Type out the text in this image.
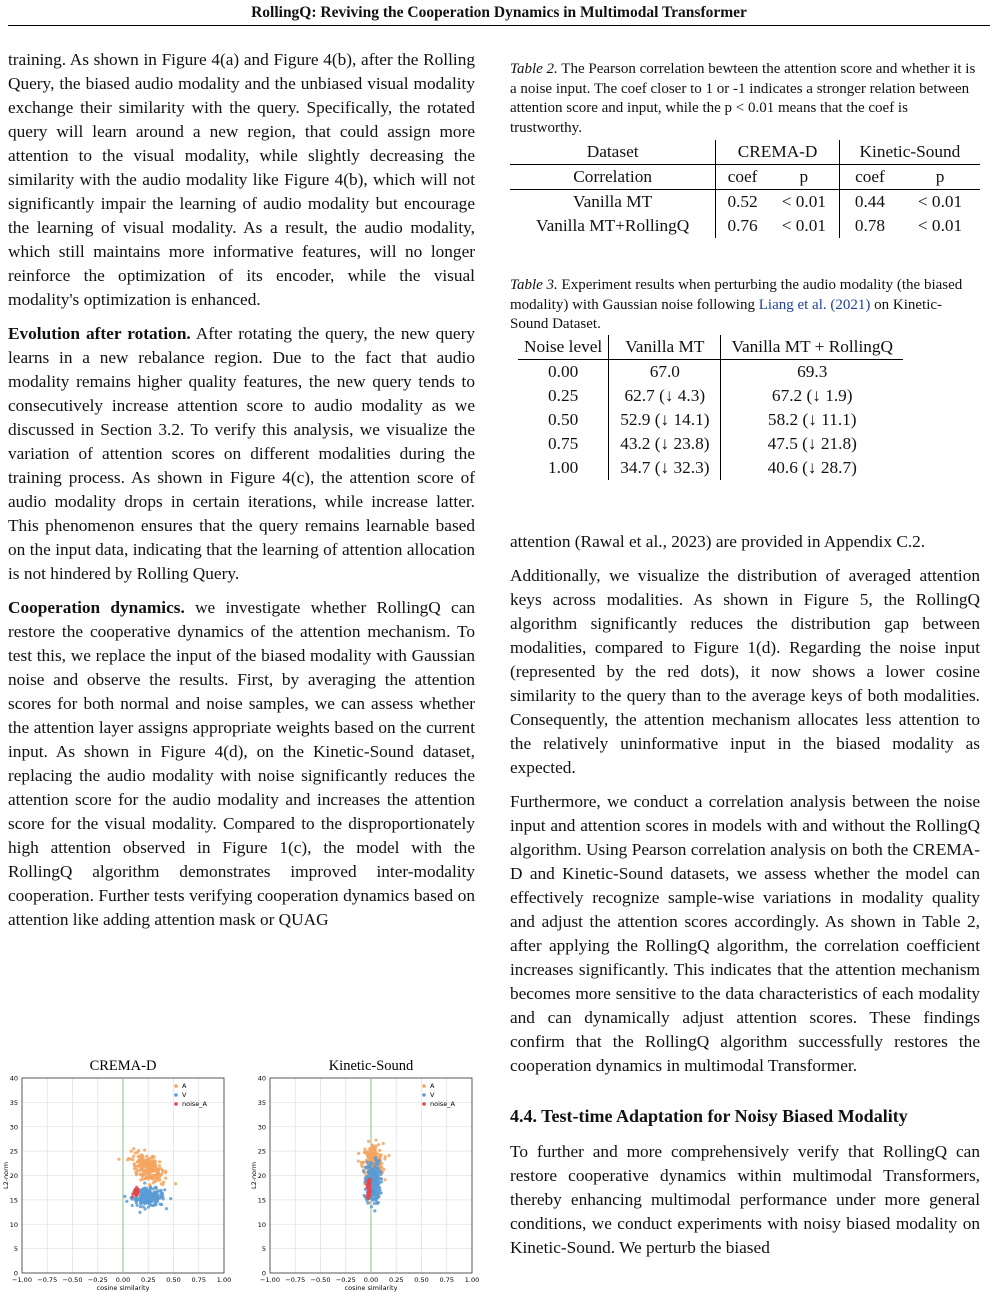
RollingQ: Reviving the Cooperation Dynamics in Multimodal Transformer

training. As shown in Figure 4(a) and Figure 4(b), after the Rolling Query, the biased audio modality and the unbiased visual modality exchange their similarity with the query. Specifically, the rotated query will learn around a new region, that could assign more attention to the visual modality, while slightly decreasing the similarity with the audio modality like Figure 4(b), which will not significantly impair the learning of audio modality but encourage the learning of visual modality. As a result, the audio modality, which still maintains more informative features, will no longer reinforce the optimization of its encoder, while the visual modality's optimization is enhanced.

Evolution after rotation. After rotating the query, the new query learns in a new rebalance region. Due to the fact that audio modality remains higher quality features, the new query tends to consecutively increase attention score to audio modality as we discussed in Section 3.2. To verify this analysis, we visualize the variation of attention scores on different modalities during the training process. As shown in Figure 4(c), the attention score of audio modality drops in certain iterations, while increase latter. This phenomenon ensures that the query remains learnable based on the input data, indicating that the learning of attention allocation is not hindered by Rolling Query.

Cooperation dynamics. we investigate whether RollingQ can restore the cooperative dynamics of the attention mechanism. To test this, we replace the input of the biased modality with Gaussian noise and observe the results. First, by averaging the attention scores for both normal and noise samples, we can assess whether the attention layer assigns appropriate weights based on the current input. As shown in Figure 4(d), on the Kinetic-Sound dataset, replacing the audio modality with noise significantly reduces the attention score for the audio modality and increases the attention score for the visual modality. Compared to the disproportionately high attention observed in Figure 1(c), the model with the RollingQ algorithm demonstrates improved inter-modality cooperation. Further tests verifying cooperation dynamics based on attention like adding attention mask or QUAG

CREMA-D
−1.00 −0.75 −0.50 −0.25 0.00 0.25 0.50 0.75 1.00
0
5
10
15
20
25
30
35
40
cosine similarity
L2-norm
A
V
noise_A
Kinetic-Sound
−1.00 −0.75 −0.50 −0.25 0.00 0.25 0.50 0.75 1.00
0
5
10
15
20
25
30
35
40
cosine similarity
L2-norm
A
V
noise_A
Table 2. The Pearson correlation bewteen the attention score and whether it is a noise input. The coef closer to 1 or -1 indicates a stronger relation between attention score and input, while the p < 0.01 means that the coef is trustworthy.
Dataset	CREMA-D		Kinetic-Sound	
Correlation	coef	p	coef	p
Vanilla MT	0.52	< 0.01	0.44	< 0.01
Vanilla MT+RollingQ	0.76	< 0.01	0.78	< 0.01
Table 3. Experiment results when perturbing the audio modality (the biased modality) with Gaussian noise following Liang et al. (2021) on Kinetic-Sound Dataset.
Noise level	Vanilla MT	Vanilla MT + RollingQ
0.00	67.0	69.3
0.25	62.7 (↓ 4.3)	67.2 (↓ 1.9)
0.50	52.9 (↓ 14.1)	58.2 (↓ 11.1)
0.75	43.2 (↓ 23.8)	47.5 (↓ 21.8)
1.00	34.7 (↓ 32.3)	40.6 (↓ 28.7)

attention (Rawal et al., 2023) are provided in Appendix C.2.

Additionally, we visualize the distribution of averaged attention keys across modalities. As shown in Figure 5, the RollingQ algorithm significantly reduces the distribution gap between modalities, compared to Figure 1(d). Regarding the noise input (represented by the red dots), it now shows a lower cosine similarity to the query than to the average keys of both modalities. Consequently, the attention mechanism allocates less attention to the relatively uninformative input in the biased modality as expected.

Furthermore, we conduct a correlation analysis between the noise input and attention scores in models with and without the RollingQ algorithm. Using Pearson correlation analysis on both the CREMA-D and Kinetic-Sound datasets, we assess whether the model can effectively recognize sample-wise variations in modality quality and adjust the attention scores accordingly. As shown in Table 2, after applying the RollingQ algorithm, the correlation coefficient increases significantly. This indicates that the attention mechanism becomes more sensitive to the data characteristics of each modality and can dynamically adjust attention scores. These findings confirm that the RollingQ algorithm successfully restores the cooperation dynamics in multimodal Transformer.

4.4. Test-time Adaptation for Noisy Biased Modality

To further and more comprehensively verify that RollingQ can restore cooperative dynamics within multimodal Transformers, thereby enhancing multimodal performance under more general conditions, we conduct experiments with noisy biased modality on Kinetic-Sound. We perturb the biased
